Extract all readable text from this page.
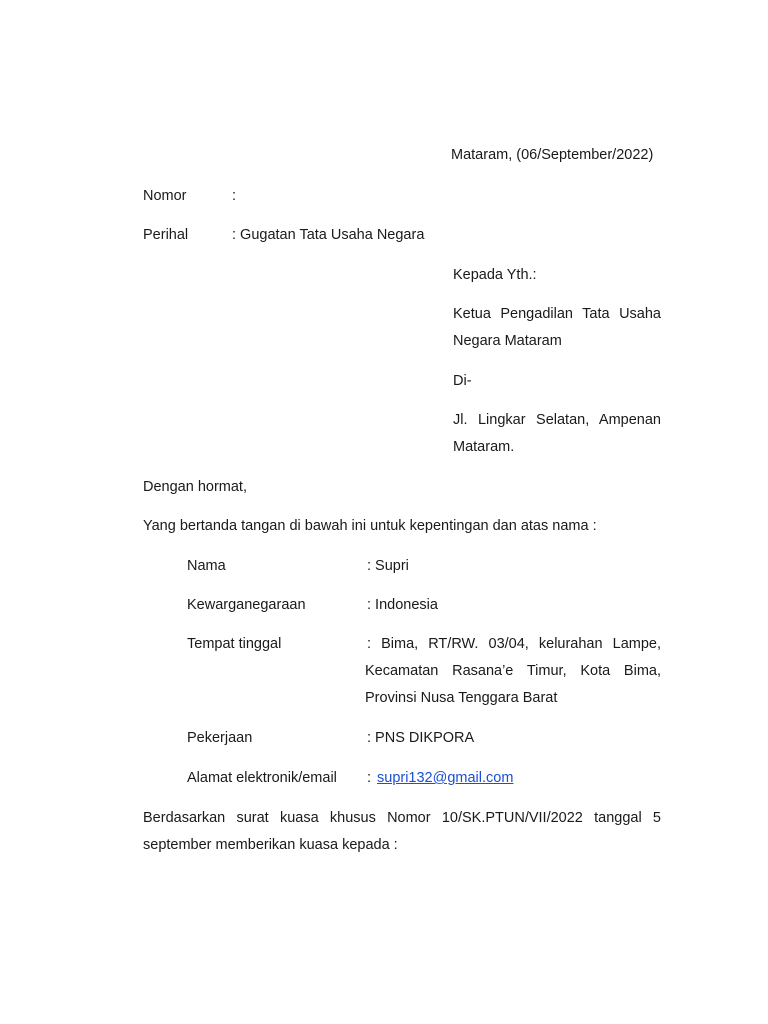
Mataram, (06/September/2022)
Nomor	:
Perihal	: Gugatan Tata Usaha Negara
Kepada Yth.:
Ketua Pengadilan Tata Usaha
Negara Mataram
Di-
Jl. Lingkar Selatan, Ampenan
Mataram.
Dengan hormat,
Yang bertanda tangan di bawah ini untuk kepentingan dan atas nama :
Nama	: Supri
Kewarganegaraan	: Indonesia
Tempat tinggal	: Bima, RT/RW. 03/04, kelurahan Lampe,
Kecamatan Rasana’e Timur, Kota Bima,
Provinsi Nusa Tenggara Barat
Pekerjaan	: PNS DIKPORA
Alamat elektronik/email : supri132@gmail.com
Berdasarkan surat kuasa khusus Nomor 10/SK.PTUN/VII/2022 tanggal 5
september memberikan kuasa kepada :
